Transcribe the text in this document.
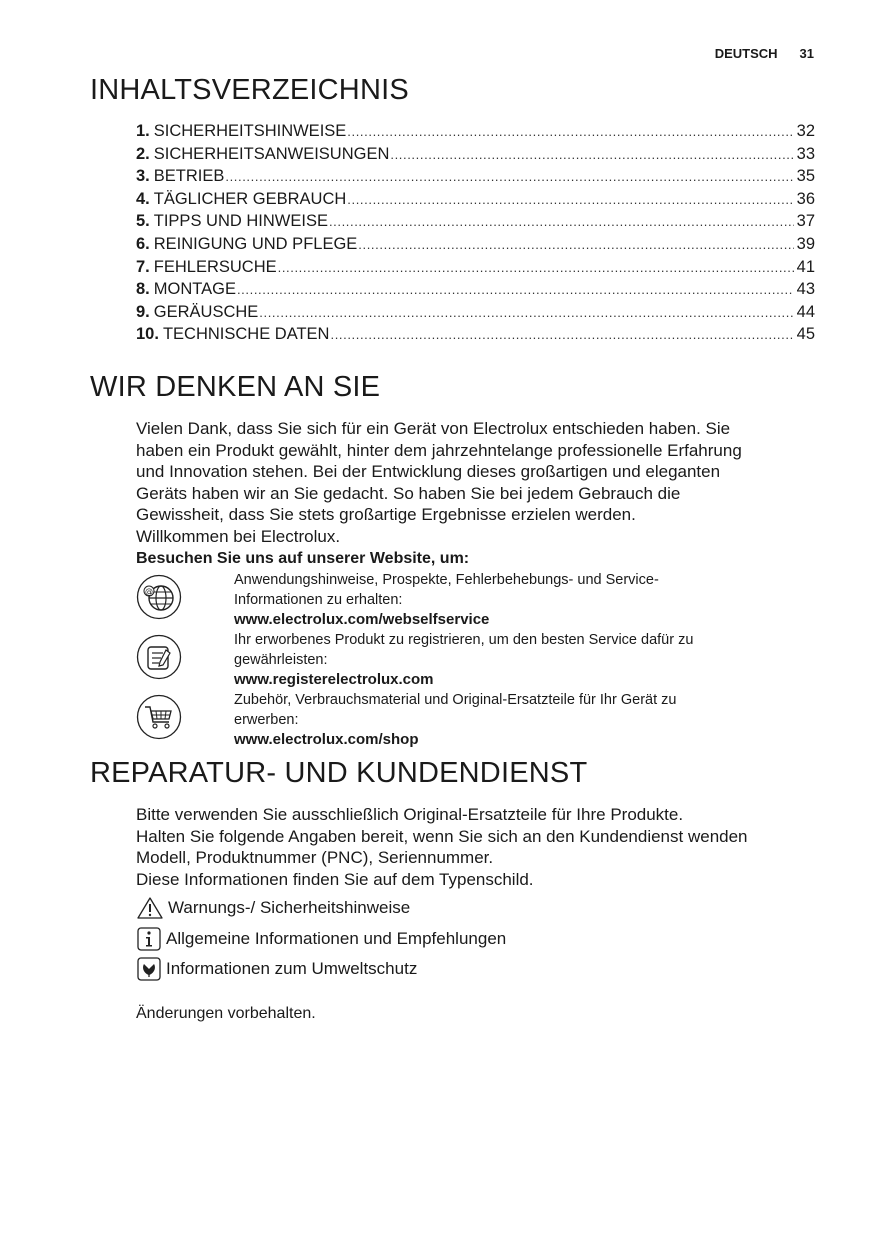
DEUTSCH 31
INHALTSVERZEICHNIS
1. SICHERHEITSHINWEISE .....	32
2. SICHERHEITSANWEISUNGEN .....	33
3. BETRIEB .....	35
4. TÄGLICHER GEBRAUCH .....	36
5. TIPPS UND HINWEISE .....	37
6. REINIGUNG UND PFLEGE .....	39
7. FEHLERSUCHE .....	41
8. MONTAGE .....	43
9. GERÄUSCHE .....	44
10. TECHNISCHE DATEN .....	45
WIR DENKEN AN SIE

Vielen Dank, dass Sie sich für ein Gerät von Electrolux entschieden haben. Sie

haben ein Produkt gewählt, hinter dem jahrzehntelange professionelle Erfahrung

und Innovation stehen. Bei der Entwicklung dieses großartigen und eleganten

Geräts haben wir an Sie gedacht. So haben Sie bei jedem Gebrauch die

Gewissheit, dass Sie stets großartige Ergebnisse erzielen werden.

Willkommen bei Electrolux.

Besuchen Sie uns auf unserer Website, um:

@
Anwendungshinweise, Prospekte, Fehlerbehebungs- und Service-
Informationen zu erhalten:
www.electrolux.com/webselfservice
Ihr erworbenes Produkt zu registrieren, um den besten Service dafür zu
gewährleisten:
www.registerelectrolux.com
Zubehör, Verbrauchsmaterial und Original-Ersatzteile für Ihr Gerät zu
erwerben:
www.electrolux.com/shop
REPARATUR- UND KUNDENDIENST

Bitte verwenden Sie ausschließlich Original-Ersatzteile für Ihre Produkte.

Halten Sie folgende Angaben bereit, wenn Sie sich an den Kundendienst wenden

Modell, Produktnummer (PNC), Seriennummer.

Diese Informationen finden Sie auf dem Typenschild.

Warnungs-/ Sicherheitshinweise
Allgemeine Informationen und Empfehlungen
Informationen zum Umweltschutz
Änderungen vorbehalten.
